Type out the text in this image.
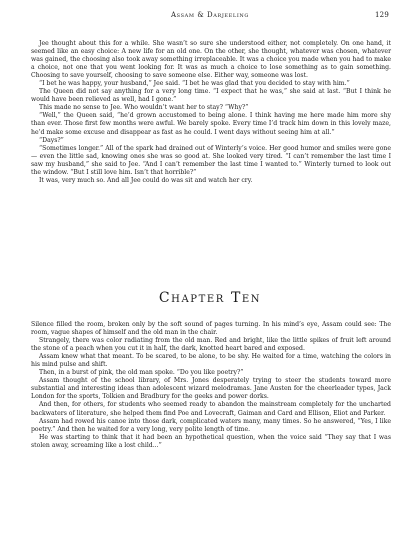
Assam & Darjeeling	129

Jee thought about this for a while. She wasn’t so sure she understood either, not completely. On one hand, it seemed like an easy choice: A new life for an old one. On the other, she thought, whatever was chosen, whatever was gained, the choosing also took away something irreplaceable. It was a choice you made when you had to make a choice, not one that you went looking for. It was as much a choice to lose something as to gain something. Choosing to save yourself, choosing to save someone else. Either way, someone was lost.

“I bet he was happy, your husband,” Jee said. “I bet he was glad that you decided to stay with him.”

The Queen did not say anything for a very long time. “I expect that he was,” she said at last. “But I think he would have been relieved as well, had I gone.”

This made no sense to Jee. Who wouldn’t want her to stay? “Why?”

“Well,” the Queen said, “he’d grown accustomed to being alone. I think having me here made him more shy than ever. Those first few months were awful. We barely spoke. Every time I’d track him down in this lovely maze, he’d make some excuse and disappear as fast as he could. I went days without seeing him at all.”

“Days?”

“Sometimes longer.” All of the spark had drained out of Winterly’s voice. Her good humor and smiles were gone — even the little sad, knowing ones she was so good at. She looked very tired. “I can’t remember the last time I saw my husband,” she said to Jee. “And I can’t remember the last time I wanted to.” Winterly turned to look out the window. “But I still love him. Isn’t that horrible?”

It was, very much so. And all Jee could do was sit and watch her cry.

Chapter Ten

Silence filled the room, broken only by the soft sound of pages turning. In his mind’s eye, Assam could see: The room, vague shapes of himself and the old man in the chair.

Strangely, there was color radiating from the old man. Red and bright, like the little spikes of fruit left around the stone of a peach when you cut it in half, the dark, knotted heart bared and exposed.

Assam knew what that meant. To be scared, to be alone, to be shy. He waited for a time, watching the colors in his mind pulse and shift.

Then, in a burst of pink, the old man spoke. “Do you like poetry?”

Assam thought of the school library, of Mrs. Jones desperately trying to steer the students toward more substantial and interesting ideas than adolescent wizard melodramas. Jane Austen for the cheerleader types, Jack London for the sports, Tolkien and Bradbury for the geeks and power dorks.

And then, for others, for students who seemed ready to abandon the mainstream completely for the uncharted backwaters of literature, she helped them find Poe and Lovecraft, Gaiman and Card and Ellison, Eliot and Parker.

Assam had rowed his canoe into those dark, complicated waters many, many times. So he answered, “Yes, I like poetry.” And then he waited for a very long, very polite length of time.

He was starting to think that it had been an hypothetical question, when the voice said “They say that I was stolen away, screaming like a lost child...”
